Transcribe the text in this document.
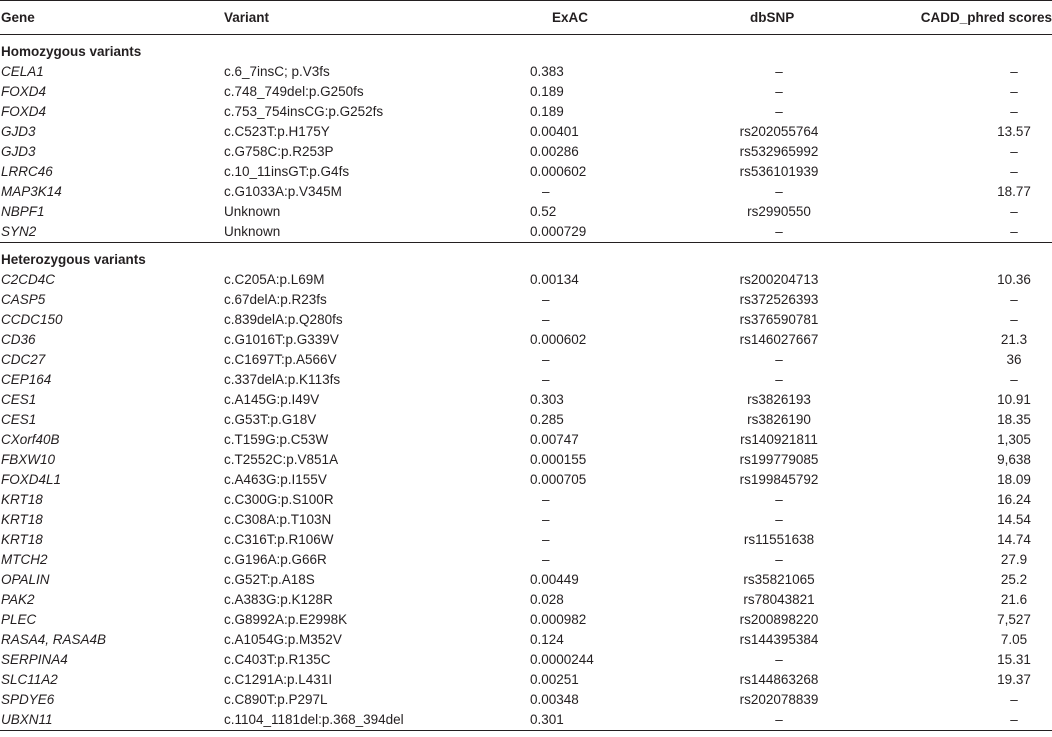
Gene	Variant	ExAC	dbSNP	CADD_phred scores
Homozygous variants				
CELA1	c.6_7insC; p.V3fs	0.383	–	–
FOXD4	c.748_749del:p.G250fs	0.189	–	–
FOXD4	c.753_754insCG:p.G252fs	0.189	–	–
GJD3	c.C523T:p.H175Y	0.00401	rs202055764	13.57
GJD3	c.G758C:p.R253P	0.00286	rs532965992	–
LRRC46	c.10_11insGT:p.G4fs	0.000602	rs536101939	–
MAP3K14	c.G1033A:p.V345M	–	–	18.77
NBPF1	Unknown	0.52	rs2990550	–
SYN2	Unknown	0.000729	–	–
Heterozygous variants				
C2CD4C	c.C205A:p.L69M	0.00134	rs200204713	10.36
CASP5	c.67delA:p.R23fs	–	rs372526393	–
CCDC150	c.839delA:p.Q280fs	–	rs376590781	–
CD36	c.G1016T:p.G339V	0.000602	rs146027667	21.3
CDC27	c.C1697T:p.A566V	–	–	36
CEP164	c.337delA:p.K113fs	–	–	–
CES1	c.A145G:p.I49V	0.303	rs3826193	10.91
CES1	c.G53T:p.G18V	0.285	rs3826190	18.35
CXorf40B	c.T159G:p.C53W	0.00747	rs140921811	1,305
FBXW10	c.T2552C:p.V851A	0.000155	rs199779085	9,638
FOXD4L1	c.A463G:p.I155V	0.000705	rs199845792	18.09
KRT18	c.C300G:p.S100R	–	–	16.24
KRT18	c.C308A:p.T103N	–	–	14.54
KRT18	c.C316T:p.R106W	–	rs11551638	14.74
MTCH2	c.G196A:p.G66R	–	–	27.9
OPALIN	c.G52T:p.A18S	0.00449	rs35821065	25.2
PAK2	c.A383G:p.K128R	0.028	rs78043821	21.6
PLEC	c.G8992A:p.E2998K	0.000982	rs200898220	7,527
RASA4, RASA4B	c.A1054G:p.M352V	0.124	rs144395384	7.05
SERPINA4	c.C403T:p.R135C	0.0000244	–	15.31
SLC11A2	c.C1291A:p.L431I	0.00251	rs144863268	19.37
SPDYE6	c.C890T:p.P297L	0.00348	rs202078839	–
UBXN11	c.1104_1181del:p.368_394del	0.301	–	–
